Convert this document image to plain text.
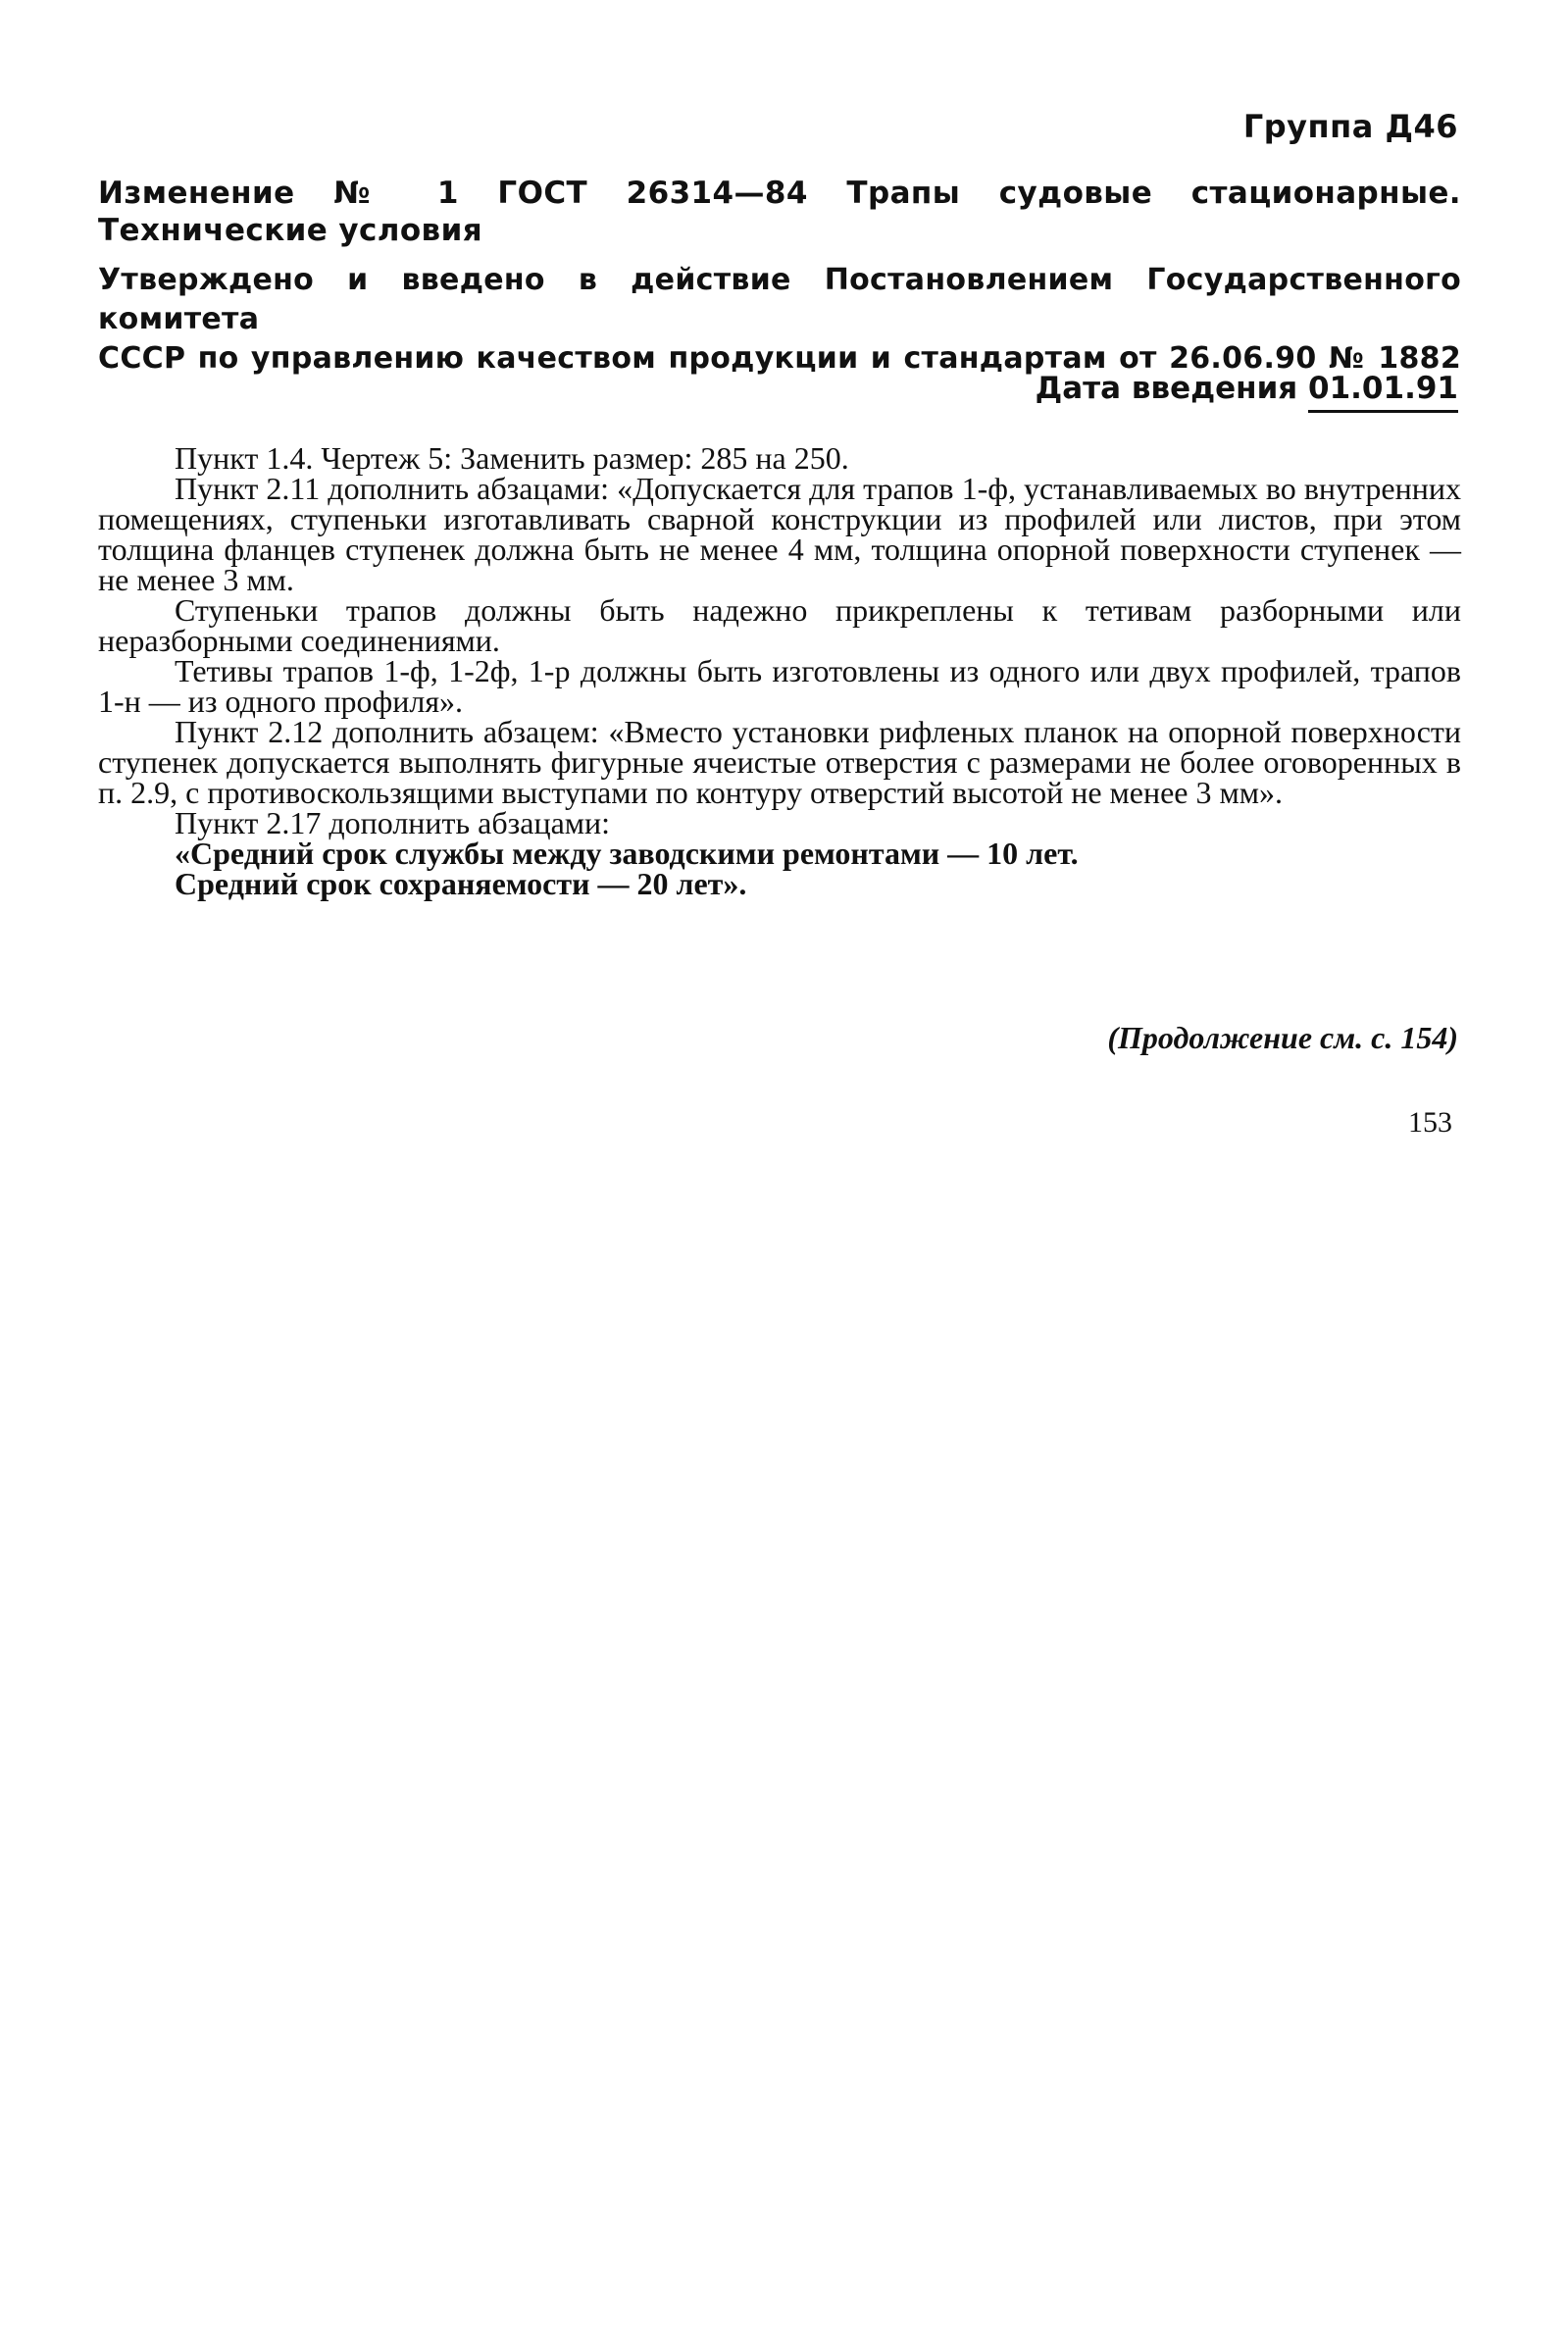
Группа Д46
Изменение № 1 ГОСТ 26314—84 Трапы судовые стационарные. Технические условия
Утверждено и введено в действие Постановлением Государственного комитета
СССР по управлению качеством продукции и стандартам от 26.06.90 № 1882
Дата введения 01.01.91

Пункт 1.4. Чертеж 5: Заменить размер: 285 на 250.

Пункт 2.11 дополнить абзацами: «Допускается для трапов 1-ф, устанавливаемых во внутренних помещениях, ступеньки изготавливать сварной конструкции из профилей или листов, при этом толщина фланцев ступенек должна быть не менее 4 мм, толщина опорной поверхности ступенек — не менее 3 мм.

Ступеньки трапов должны быть надежно прикреплены к тетивам разборными или неразборными соединениями.

Тетивы трапов 1-ф, 1-2ф, 1-р должны быть изготовлены из одного или двух профилей, трапов 1-н — из одного профиля».

Пункт 2.12 дополнить абзацем: «Вместо установки рифленых планок на опорной поверхности ступенек допускается выполнять фигурные ячеистые отверстия с размерами не более оговоренных в п. 2.9, с противоскользящими выступами по контуру отверстий высотой не менее 3 мм».

Пункт 2.17 дополнить абзацами:

«Средний срок службы между заводскими ремонтами — 10 лет.

Средний срок сохраняемости — 20 лет».

(Продолжение см. с. 154)
153
